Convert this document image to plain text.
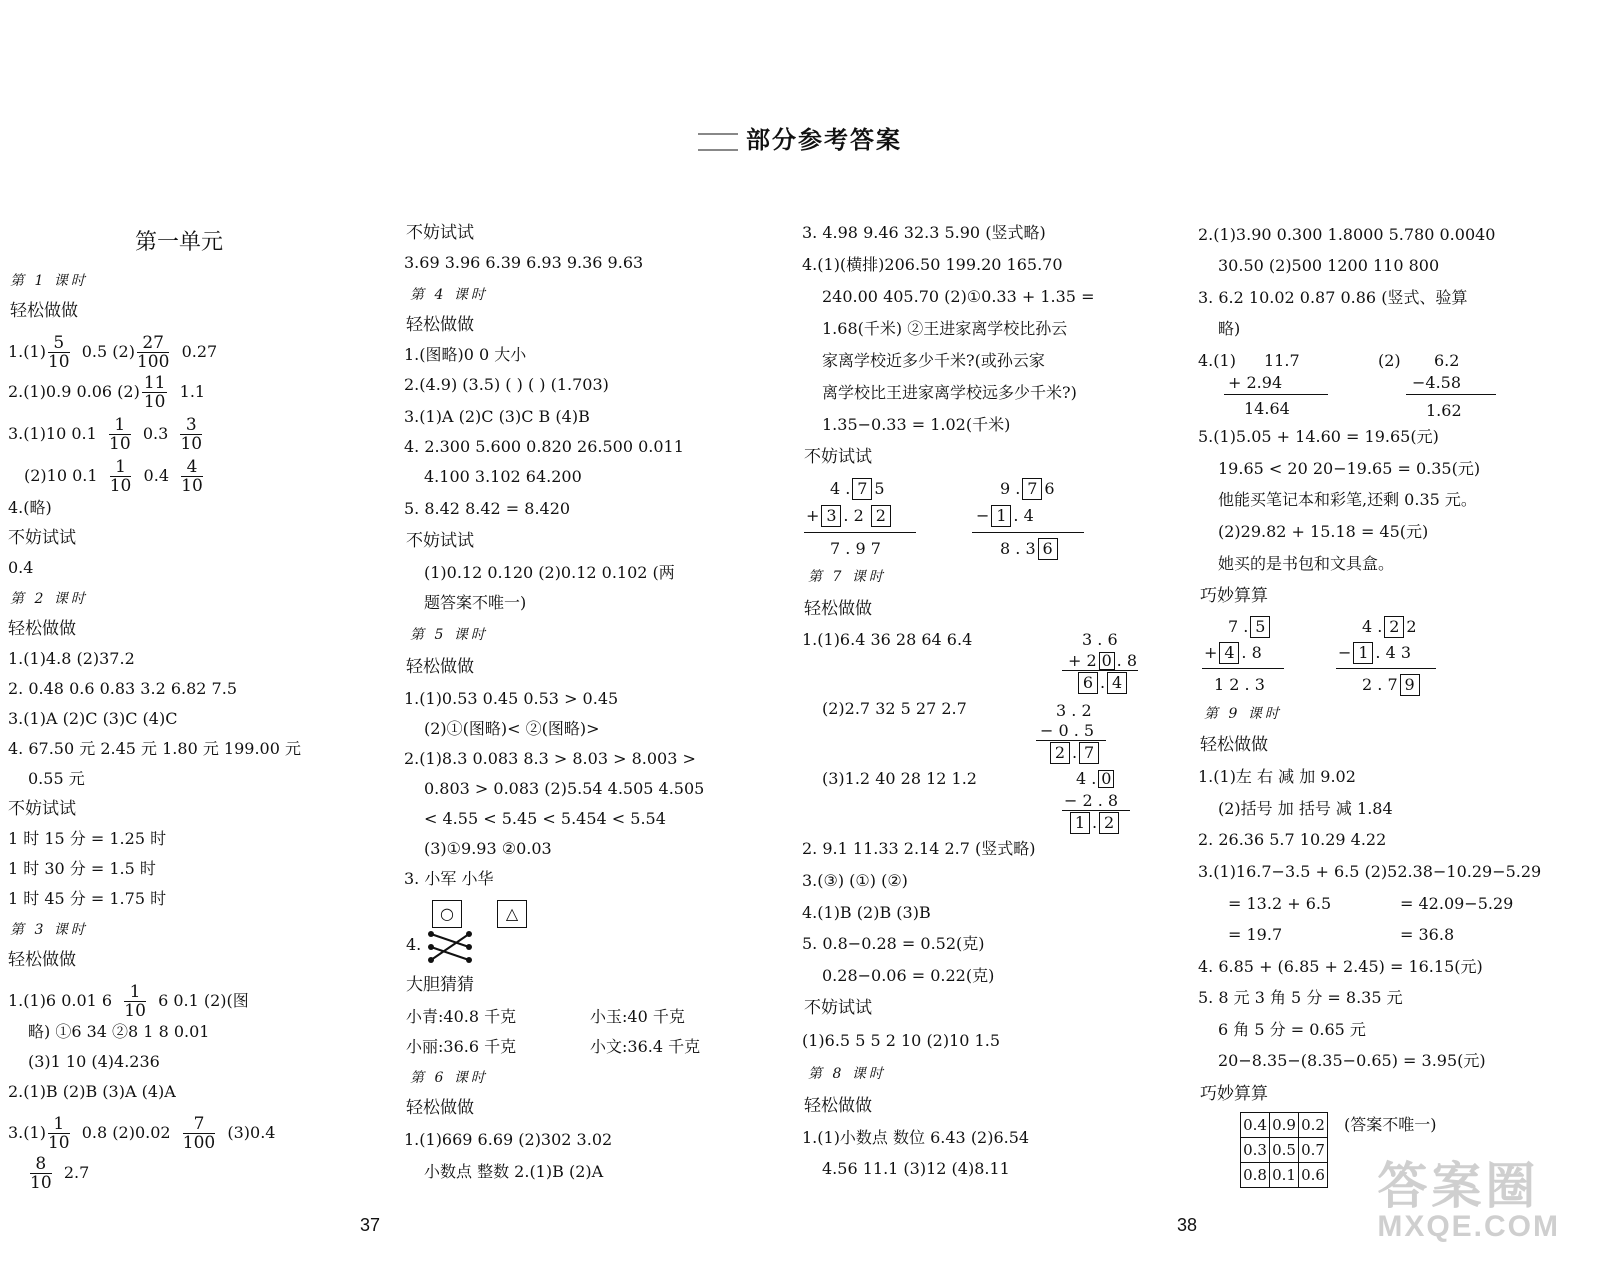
部分参考答案
第一单元
第 1 课时
轻松做做
$1.(1) \frac{5}{10} 0.5$ $(2) \frac{27}{100} 0.27$
2.(1)0.9 0.06 $(2) \frac{11}{10} 1.1$
3.(1)10 $0.1 \frac{1}{10} 0.3 \frac{3}{10}$
(2)10 $0.1 \frac{1}{10} 0.4 \frac{4}{10}$
4.(略)
不妨试试
0.4
第 2 课时
轻松做做
1.(1)4.8 (2)37.2
2. 0.48 0.6 0.83 3.2 6.82 7.5
3.(1)A (2)C (3)C (4)C
4. 67.50 元 2.45 元 1.80 元 199.00 元
0.55 元
不妨试试
1 时 15 分 = 1.25 时
1 时 30 分 = 1.5 时
1 时 45 分 = 1.75 时
第 3 课时
轻松做做
1.(1)6 0.01 $6 \frac{1}{10} 6$ 0.1 (2)(图
略) ①6 34 ②8 1 8 0.01
(3)1 10 (4)4.236
2.(1)B (2)B (3)A (4)A
$3.(1) \frac{1}{10} 0.8$ $(2)0.02 \frac{7}{100} (3)0.4$
$\frac{8}{10} 2.7$
不妨试试
3.69 3.96 6.39 6.93 9.36 9.63
第 4 课时
轻松做做
1.(图略)0 0 大小
2.(4.9) (3.5) ( ) ( ) (1.703)
3.(1)A (2)C (3)C B (4)B
4. 2.300 5.600 0.820 26.500 0.011
4.100 3.102 64.200
5. 8.42 8.42 = 8.420
不妨试试
(1)0.12 0.120 (2)0.12 0.102 (两
题答案不唯一)
第 5 课时
轻松做做
1.(1)0.53 0.45 0.53 > 0.45
(2)①(图略)< ②(图略)>
2.(1)8.3 0.083 8.3 > 8.03 > 8.003 >
0.803 > 0.083 (2)5.54 4.505 4.505
< 4.55 < 5.45 < 5.454 < 5.54
(3)①9.93 ②0.03
3. 小军 小华
○	△
4.
大胆猜猜
小青:40.8 千克	小玉:40 千克
小丽:36.6 千克	小文:36.4 千克
第 6 课时
轻松做做
1.(1)669 6.69 (2)302 3.02
小数点 整数 2.(1)B (2)A
3. 4.98 9.46 32.3 5.90 (竖式略)
4.(1)(横排)206.50 199.20 165.70
240.00 405.70 (2)①0.33 + 1.35 =
1.68(千米) ②王进家离学校比孙云
家离学校近多少千米?(或孙云家
离学校比王进家离学校远多少千米?)
1.35−0.33 = 1.02(千米)
不妨试试
4 . 7 5
+ 3 . 2 2
7 . 9 7
9 . 7 6
− 1 . 4
8 . 3 6
第 7 课时
轻松做做
1.(1)6.4 36 28 64 6.4	3 . 6
+ 2 0 . 8
6 . 4
(2)2.7 32 5 27 2.7	3 . 2
− 0 . 5
2 . 7
(3)1.2 40 28 12 1.2	4 . 0
− 2 . 8
1 . 2
2. 9.1 11.33 2.14 2.7 (竖式略)
3.(③) (①) (②)
4.(1)B (2)B (3)B
5. 0.8−0.28 = 0.52(克)
0.28−0.06 = 0.22(克)
不妨试试
(1)6.5 5 5 2 10 (2)10 1.5
第 8 课时
轻松做做
1.(1)小数点 数位 6.43 (2)6.54
4.56 11.1 (3)12 (4)8.11
2.(1)3.90 0.300 1.8000 5.780 0.0040
30.50 (2)500 1200 110 800
3. 6.2 10.02 0.87 0.86 (竖式、验算
略)
4.(1) 11.7
+ 2.94
14.64
(2) 6.2
−4.58
1.62
5.(1)5.05 + 14.60 = 19.65(元)
19.65 < 20 20−19.65 = 0.35(元)
他能买笔记本和彩笔,还剩 0.35 元。
(2)29.82 + 15.18 = 45(元)
她买的是书包和文具盒。
巧妙算算
7 . 5
+ 4 . 8
1 2 . 3
4 . 2 2
− 1 . 4 3
2 . 7 9
第 9 课时
轻松做做
1.(1)左 右 减 加 9.02
(2)括号 加 括号 减 1.84
2. 26.36 5.7 10.29 4.22
3.(1)16.7−3.5 + 6.5 (2)52.38−10.29−5.29
= 13.2 + 6.5	= 42.09−5.29
= 19.7	= 36.8
4. 6.85 + (6.85 + 2.45) = 16.15(元)
5. 8 元 3 角 5 分 = 8.35 元
6 角 5 分 = 0.65 元
20−8.35−(8.35−0.65) = 3.95(元)
巧妙算算
0.4	0.9	0.2
0.3	0.5	0.7
0.8	0.1	0.6
(答案不唯一)
37	38
答案圈
MXQE.COM
